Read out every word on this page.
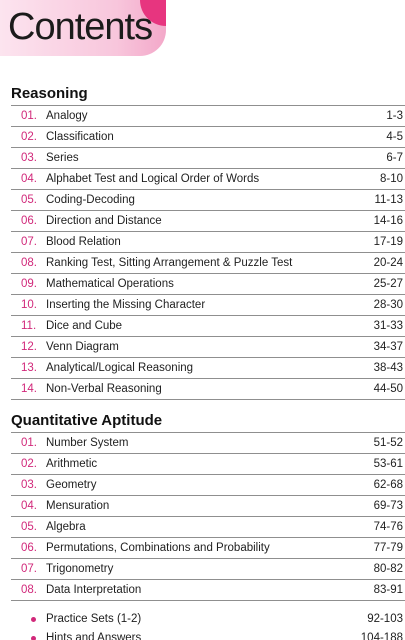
Contents
Reasoning
01. Analogy	1-3
02. Classification	4-5
03. Series	6-7
04. Alphabet Test and Logical Order of Words	8-10
05. Coding-Decoding	11-13
06. Direction and Distance	14-16
07. Blood Relation	17-19
08. Ranking Test, Sitting Arrangement & Puzzle Test	20-24
09. Mathematical Operations	25-27
10. Inserting the Missing Character	28-30
11. Dice and Cube	31-33
12. Venn Diagram	34-37
13. Analytical/Logical Reasoning	38-43
14. Non-Verbal Reasoning	44-50
Quantitative Aptitude
01. Number System	51-52
02. Arithmetic	53-61
03. Geometry	62-68
04. Mensuration	69-73
05. Algebra	74-76
06. Permutations, Combinations and Probability	77-79
07. Trigonometry	80-82
08. Data Interpretation	83-91
Practice Sets (1-2)	92-103
Hints and Answers	104-188
